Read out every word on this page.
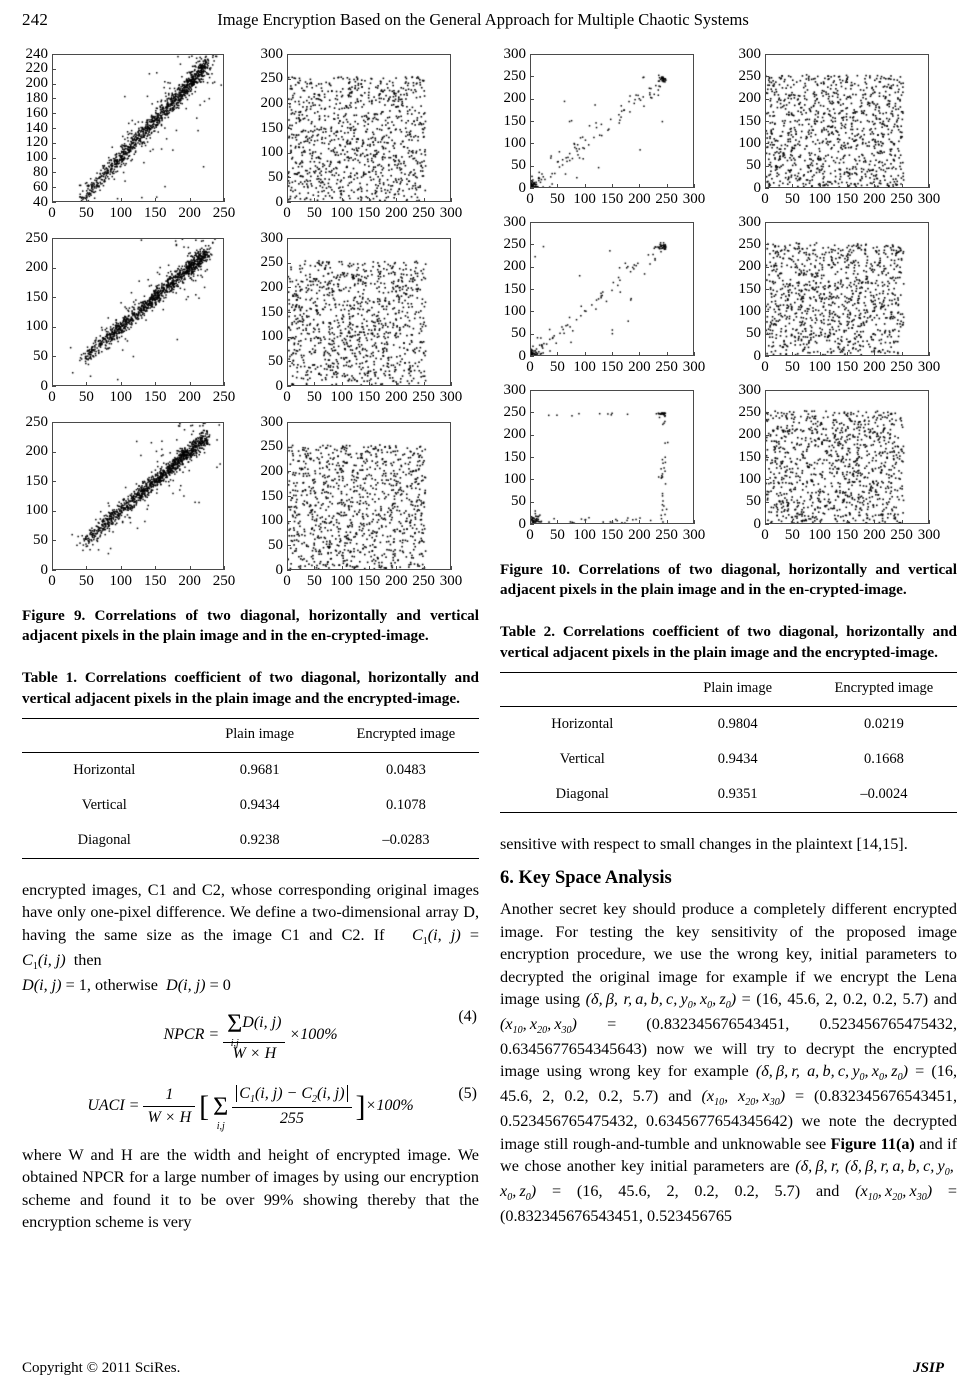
242	Image Encryption Based on the General Approach for Multiple Chaotic Systems
40
60
80
100
120
140
160
180
200
220
240
0	50	100 150 200 250
0
50
100
150
200
250
300
0	50 100 150 200 250 300
0
50
100
150
200
250
0	50	100 150 200 250
0
50
100
150
200
250
300
0	50 100 150 200 250 300
0
50
100
150
200
250
0	50	100 150 200 250
0
50
100
150
200
250
300
0	50 100 150 200 250 300
Figure 9. Correlations of two diagonal, horizontally and vertical adjacent pixels in the plain image and in the en-crypted-image.
Table 1. Correlations coefficient of two diagonal, horizontally and vertical adjacent pixels in the plain image and the encrypted-image.
	Plain image	Encrypted image
Horizontal	0.9681	0.0483
Vertical	0.9434	0.1078
Diagonal	0.9238	–0.0283

encrypted images, C1 and C2, whose corresponding original images have only one-pixel difference. We define a two-dimensional array D, having the same size as the image C1 and C2. If $C_1(i$, $j) = C_1(i$, j) then
D(i, j) = 1, otherwise D(i, j) = 0

NPCR = Σ
i,j
D(i, j)
W × H ×100%
(4)
UACI = $\frac{1}{W \times H}$ [ Σ
i,j
$\frac{C_1(i, j) - C_2(i, j)}{255} ]\times 100\%$
(5)

where W and H are the width and height of encrypted image. We obtained NPCR for a large number of images by using our encryption scheme and found it to be over 99% showing thereby that the encryption scheme is very

0
50
100
150
200
250
300
0	50 100 150 200 250 300
0
50
100
150
200
250
300
0	50 100 150 200 250 300
0
50
100
150
200
250
300
0	50 100 150 200 250 300
0
50
100
150
200
250
300
0	50 100 150 200 250 300
0
50
100
150
200
250
300
0	50 100 150 200 250 300
0
50
100
150
200
250
300
0	50 100 150 200 250 300
Figure 10. Correlations of two diagonal, horizontally and vertical adjacent pixels in the plain image and in the en-crypted-image.
Table 2. Correlations coefficient of two diagonal, horizontally and vertical adjacent pixels in the plain image and the encrypted-image.
	Plain image	Encrypted image
Horizontal	0.9804	0.0219
Vertical	0.9434	0.1668
Diagonal	0.9351	–0.0024

sensitive with respect to small changes in the plaintext [14,15].

6. Key Space Analysis

Another secret key should produce a completely different encrypted image. For testing the key sensitivity of the proposed image encryption procedure, we use the wrong key, initial parameters to decrypted the original image for example if we encrypt the Lena image using (δ, β, r, a, b, c, $y_0$, $x_0$, $z_0) = (16$, 45.6, 2, 0.2, 0.2, 5.7) and ($x_{10}$, $x_{20}$, $x_{30}) = (0.832345676543451$, 0.523456765475432, 0.6345677654345643) now we will try to decrypt the encrypted image using wrong key for example (δ, β, r, a, b, c, $y_0$, $x_0$, $z_0) = (16$, 45.6, 2, 0.2, 0.2, 5.7) and ($x_{10}$, $x_{20}$, $x_{30}) = (0.832345676543451$, 0.523456765475432, 0.6345677654345642) we note the decrypted image still rough-and-tumble and unknowable see Figure 11(a) and if we chose another key initial parameters are (δ, β, r, (δ, β, r, a, b, c, $y_0$, $x_0$, $z_0) = (16$, 45.6, 2, 0.2, 0.2, 5.7) and ($x_{10}$, $x_{20}$, $x_{30}) = (0.832345676543451$, 0.523456765

Copyright © 2011 SciRes.	JSIP
